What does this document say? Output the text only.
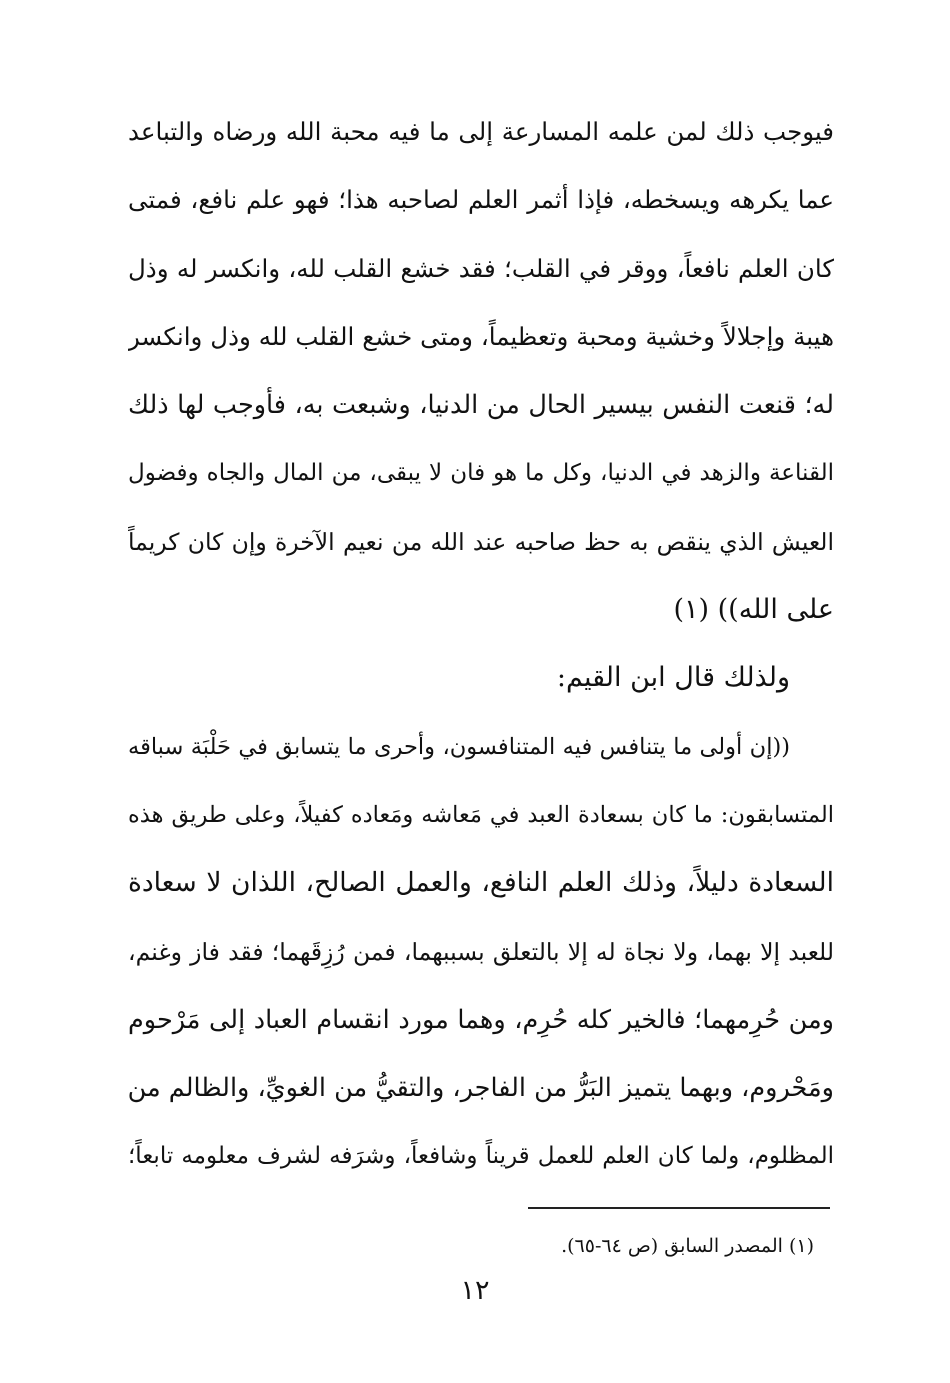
فيوجب ذلك لمن علمه المسارعة إلى ما فيه محبة الله ورضاه والتباعد
عما يكرهه ويسخطه، فإذا أثمر العلم لصاحبه هذا؛ فهو علم نافع، فمتى
كان العلم نافعاً، ووقر في القلب؛ فقد خشع القلب لله، وانكسر له وذل
هيبة وإجلالاً وخشية ومحبة وتعظيماً، ومتى خشع القلب لله وذل وانكسر
له؛ قنعت النفس بيسير الحال من الدنيا، وشبعت به، فأوجب لها ذلك
القناعة والزهد في الدنيا، وكل ما هو فان لا يبقى، من المال والجاه وفضول
العيش الذي ينقص به حظ صاحبه عند الله من نعيم الآخرة وإن كان كريماً
على الله)) (١)
ولذلك قال ابن القيم:
((إن أولى ما يتنافس فيه المتنافسون، وأحرى ما يتسابق في حَلْبَة سباقه
المتسابقون: ما كان بسعادة العبد في مَعاشه ومَعاده كفيلاً، وعلى طريق هذه
السعادة دليلاً، وذلك العلم النافع، والعمل الصالح، اللذان لا سعادة
للعبد إلا بهما، ولا نجاة له إلا بالتعلق بسببهما، فمن رُزِقَهما؛ فقد فاز وغنم،
ومن حُرِمهما؛ فالخير كله حُرِم، وهما مورد انقسام العباد إلى مَرْحوم
ومَحْروم، وبهما يتميز البَرُّ من الفاجر، والتقيُّ من الغويِّ، والظالم من
المظلوم، ولما كان العلم للعمل قريناً وشافعاً، وشرَفه لشرف معلومه تابعاً؛
(١) المصدر السابق (ص ٦٤-٦٥).
١٢
